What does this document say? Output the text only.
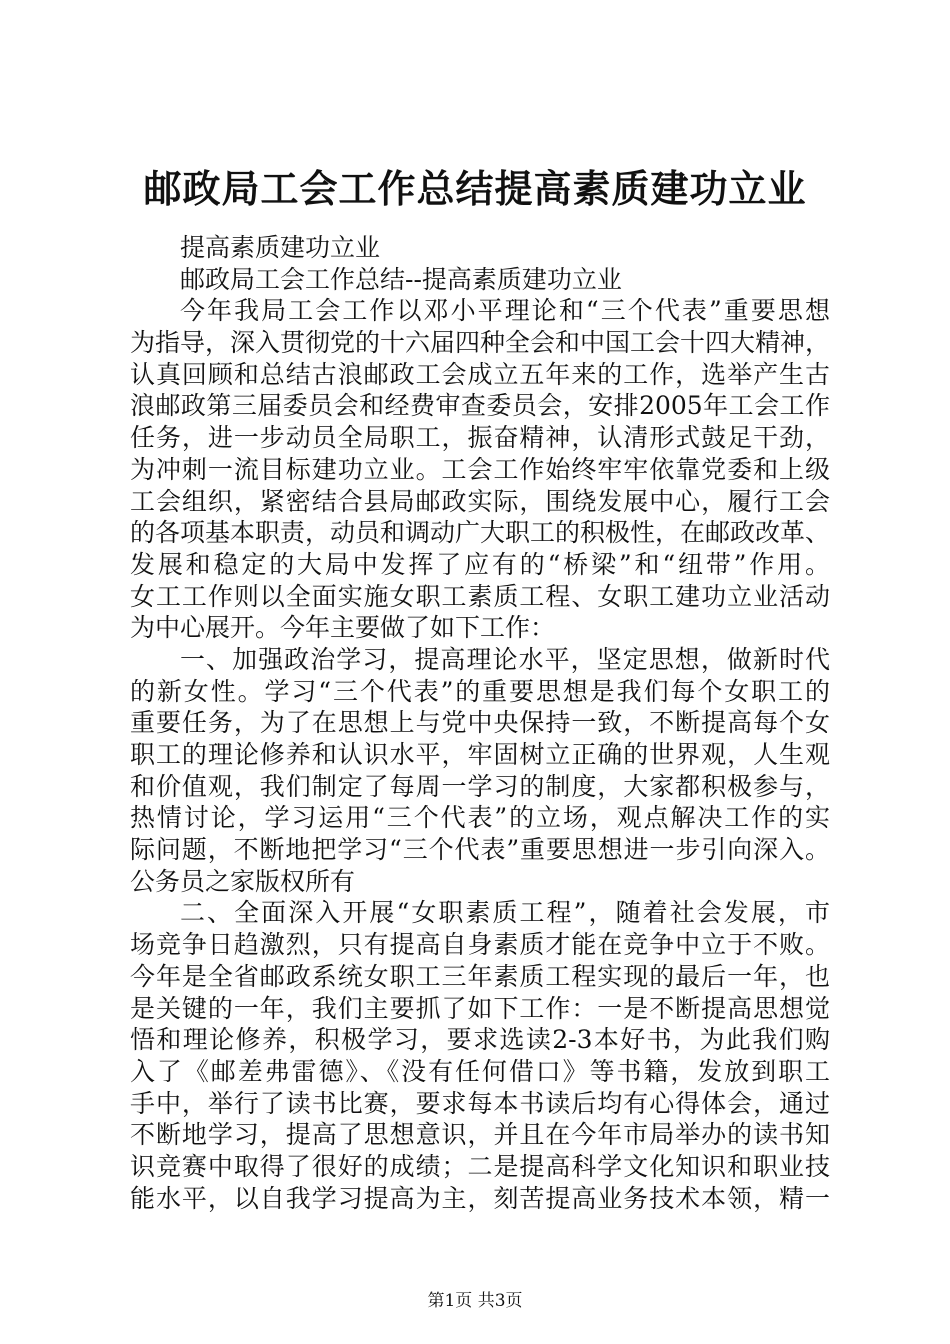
邮政局工会工作总结提高素质建功立业
提高素质建功立业
邮政局工会工作总结--提高素质建功立业
今年我局工会工作以邓小平理论和“三个代表”重要思想
为指导，深入贯彻党的十六届四种全会和中国工会十四大精神，
认真回顾和总结古浪邮政工会成立五年来的工作，选举产生古
浪邮政第三届委员会和经费审查委员会，安排2005年工会工作
任务，进一步动员全局职工，振奋精神，认清形式鼓足干劲，
为冲刺一流目标建功立业。工会工作始终牢牢依靠党委和上级
工会组织，紧密结合县局邮政实际，围绕发展中心，履行工会
的各项基本职责，动员和调动广大职工的积极性，在邮政改革、
发展和稳定的大局中发挥了应有的“桥梁”和“纽带”作用。
女工工作则以全面实施女职工素质工程、女职工建功立业活动
为中心展开。今年主要做了如下工作：
一、加强政治学习，提高理论水平，坚定思想，做新时代
的新女性。学习“三个代表”的重要思想是我们每个女职工的
重要任务，为了在思想上与党中央保持一致，不断提高每个女
职工的理论修养和认识水平，牢固树立正确的世界观，人生观
和价值观，我们制定了每周一学习的制度，大家都积极参与，
热情讨论，学习运用“三个代表”的立场，观点解决工作的实
际问题，不断地把学习“三个代表”重要思想进一步引向深入。
公务员之家版权所有
二、全面深入开展“女职素质工程”，随着社会发展，市
场竞争日趋激烈，只有提高自身素质才能在竞争中立于不败。
今年是全省邮政系统女职工三年素质工程实现的最后一年，也
是关键的一年，我们主要抓了如下工作：一是不断提高思想觉
悟和理论修养，积极学习，要求选读2-3本好书，为此我们购
入了《邮差弗雷德》、《没有任何借口》等书籍，发放到职工
手中，举行了读书比赛，要求每本书读后均有心得体会，通过
不断地学习，提高了思想意识，并且在今年市局举办的读书知
识竞赛中取得了很好的成绩；二是提高科学文化知识和职业技
能水平，以自我学习提高为主，刻苦提高业务技术本领，精一
第1页 共3页
